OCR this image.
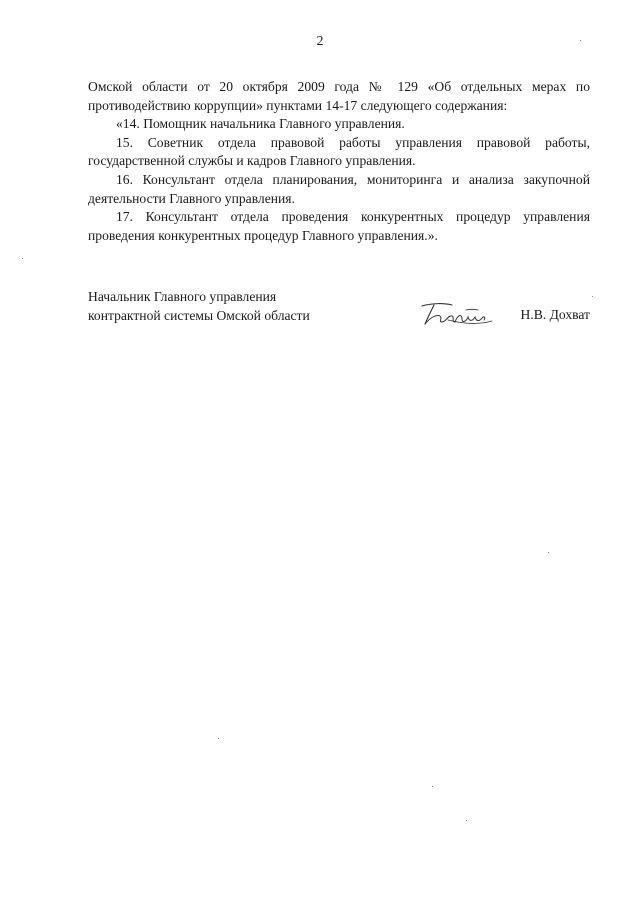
2

Омской области от 20 октября 2009 года № 129 «Об отдельных мерах по противодействию коррупции» пунктами 14-17 следующего содержания:

«14. Помощник начальника Главного управления.

15. Советник отдела правовой работы управления правовой работы, государственной службы и кадров Главного управления.

16. Консультант отдела планирования, мониторинга и анализа закупочной деятельности Главного управления.

17. Консультант отдела проведения конкурентных процедур управления проведения конкурентных процедур Главного управления.».

Начальник Главного управления
контрактной системы Омской области	Н.В. Дохват
